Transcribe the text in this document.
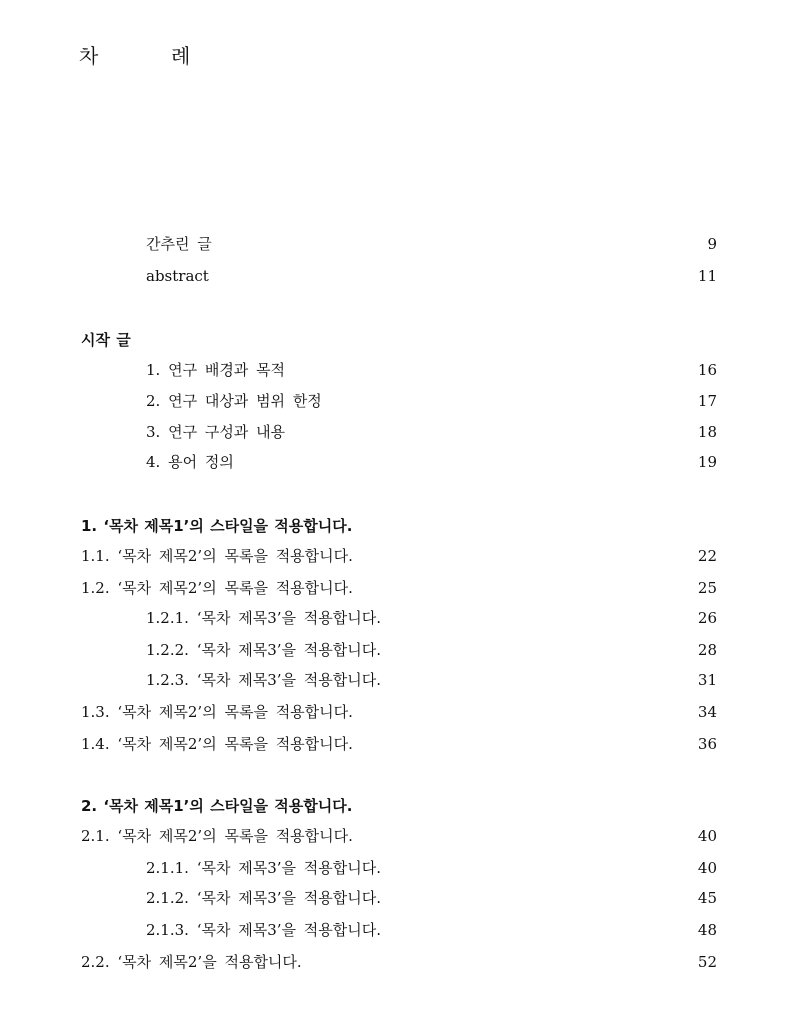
차  례
간추린 글	9
abstract	11
시작 글
1. 연구 배경과 목적	16
2. 연구 대상과 범위 한정	17
3. 연구 구성과 내용	18
4. 용어 정의	19
1. ‘목차 제목1’의 스타일을 적용합니다.
1.1. ‘목차 제목2’의 목록을 적용합니다.	22
1.2. ‘목차 제목2’의 목록을 적용합니다.	25
1.2.1. ‘목차 제목3’을 적용합니다.	26
1.2.2. ‘목차 제목3’을 적용합니다.	28
1.2.3. ‘목차 제목3’을 적용합니다.	31
1.3. ‘목차 제목2’의 목록을 적용합니다.	34
1.4. ‘목차 제목2’의 목록을 적용합니다.	36
2. ‘목차 제목1’의 스타일을 적용합니다.
2.1. ‘목차 제목2’의 목록을 적용합니다.	40
2.1.1. ‘목차 제목3’을 적용합니다.	40
2.1.2. ‘목차 제목3’을 적용합니다.	45
2.1.3. ‘목차 제목3’을 적용합니다.	48
2.2. ‘목차 제목2’을 적용합니다.	52
